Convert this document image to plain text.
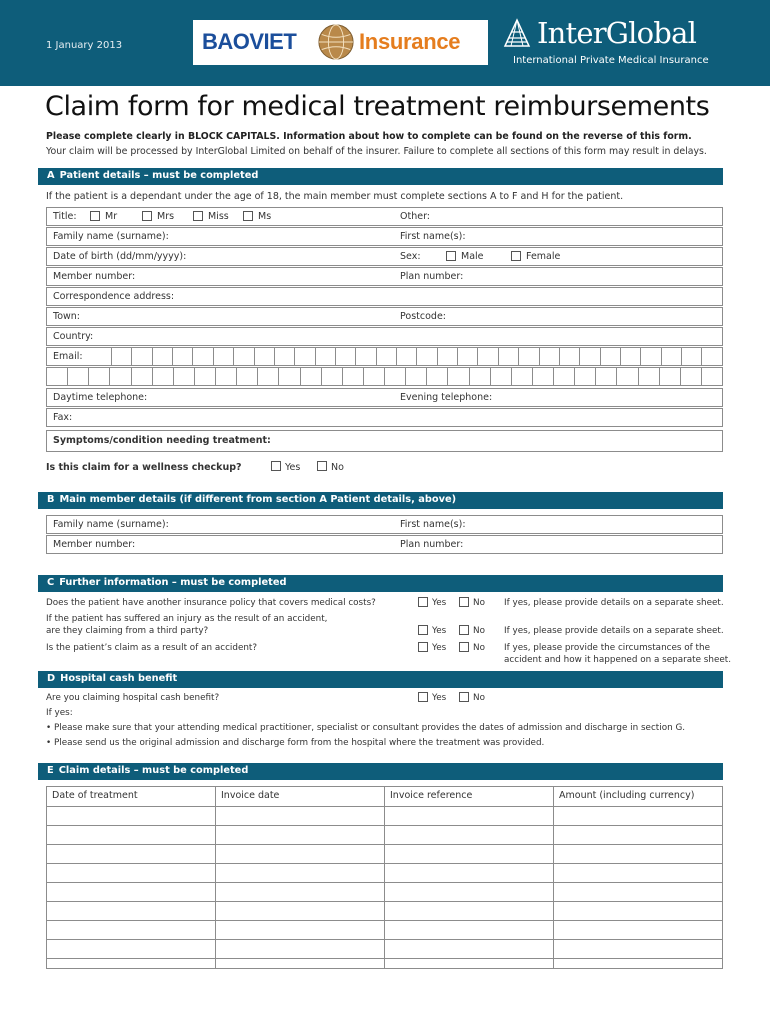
1 January 2013	BAOVIET	Insurance	InterGlobal
International Private Medical Insurance
Claim form for medical treatment reimbursements
Please complete clearly in BLOCK CAPITALS. Information about how to complete can be found on the reverse of this form.
Your claim will be processed by InterGlobal Limited on behalf of the insurer. Failure to complete all sections of this form may result in delays.
A Patient details – must be completed
If the patient is a dependant under the age of 18, the main member must complete sections A to F and H for the patient.
Title:	Mr	Mrs	Miss	Ms	Other:
Family name (surname):	First name(s):
Date of birth (dd/mm/yyyy):	Sex:	Male	Female
Member number:	Plan number:
Correspondence address:
Town:	Postcode:
Country:
Email:
Daytime telephone:	Evening telephone:
Fax:
Symptoms/condition needing treatment:
Is this claim for a wellness checkup?	Yes	No
B Main member details (if different from section A Patient details, above)
Family name (surname):	First name(s):
Member number:	Plan number:
C Further information – must be completed
Does the patient have another insurance policy that covers medical costs?	Yes	No If yes, please provide details on a separate sheet.
If the patient has suffered an injury as the result of an accident,
are they claiming from a third party?	Yes	No If yes, please provide details on a separate sheet.
Is the patient’s claim as a result of an accident?	Yes	No If yes, please provide the circumstances of the
accident and how it happened on a separate sheet.
D Hospital cash benefit
Are you claiming hospital cash benefit?	Yes	No
If yes:
• Please make sure that your attending medical practitioner, specialist or consultant provides the dates of admission and discharge in section G.
• Please send us the original admission and discharge form from the hospital where the treatment was provided.
E Claim details – must be completed
Date of treatment	Invoice date	Invoice reference	Amount (including currency)
